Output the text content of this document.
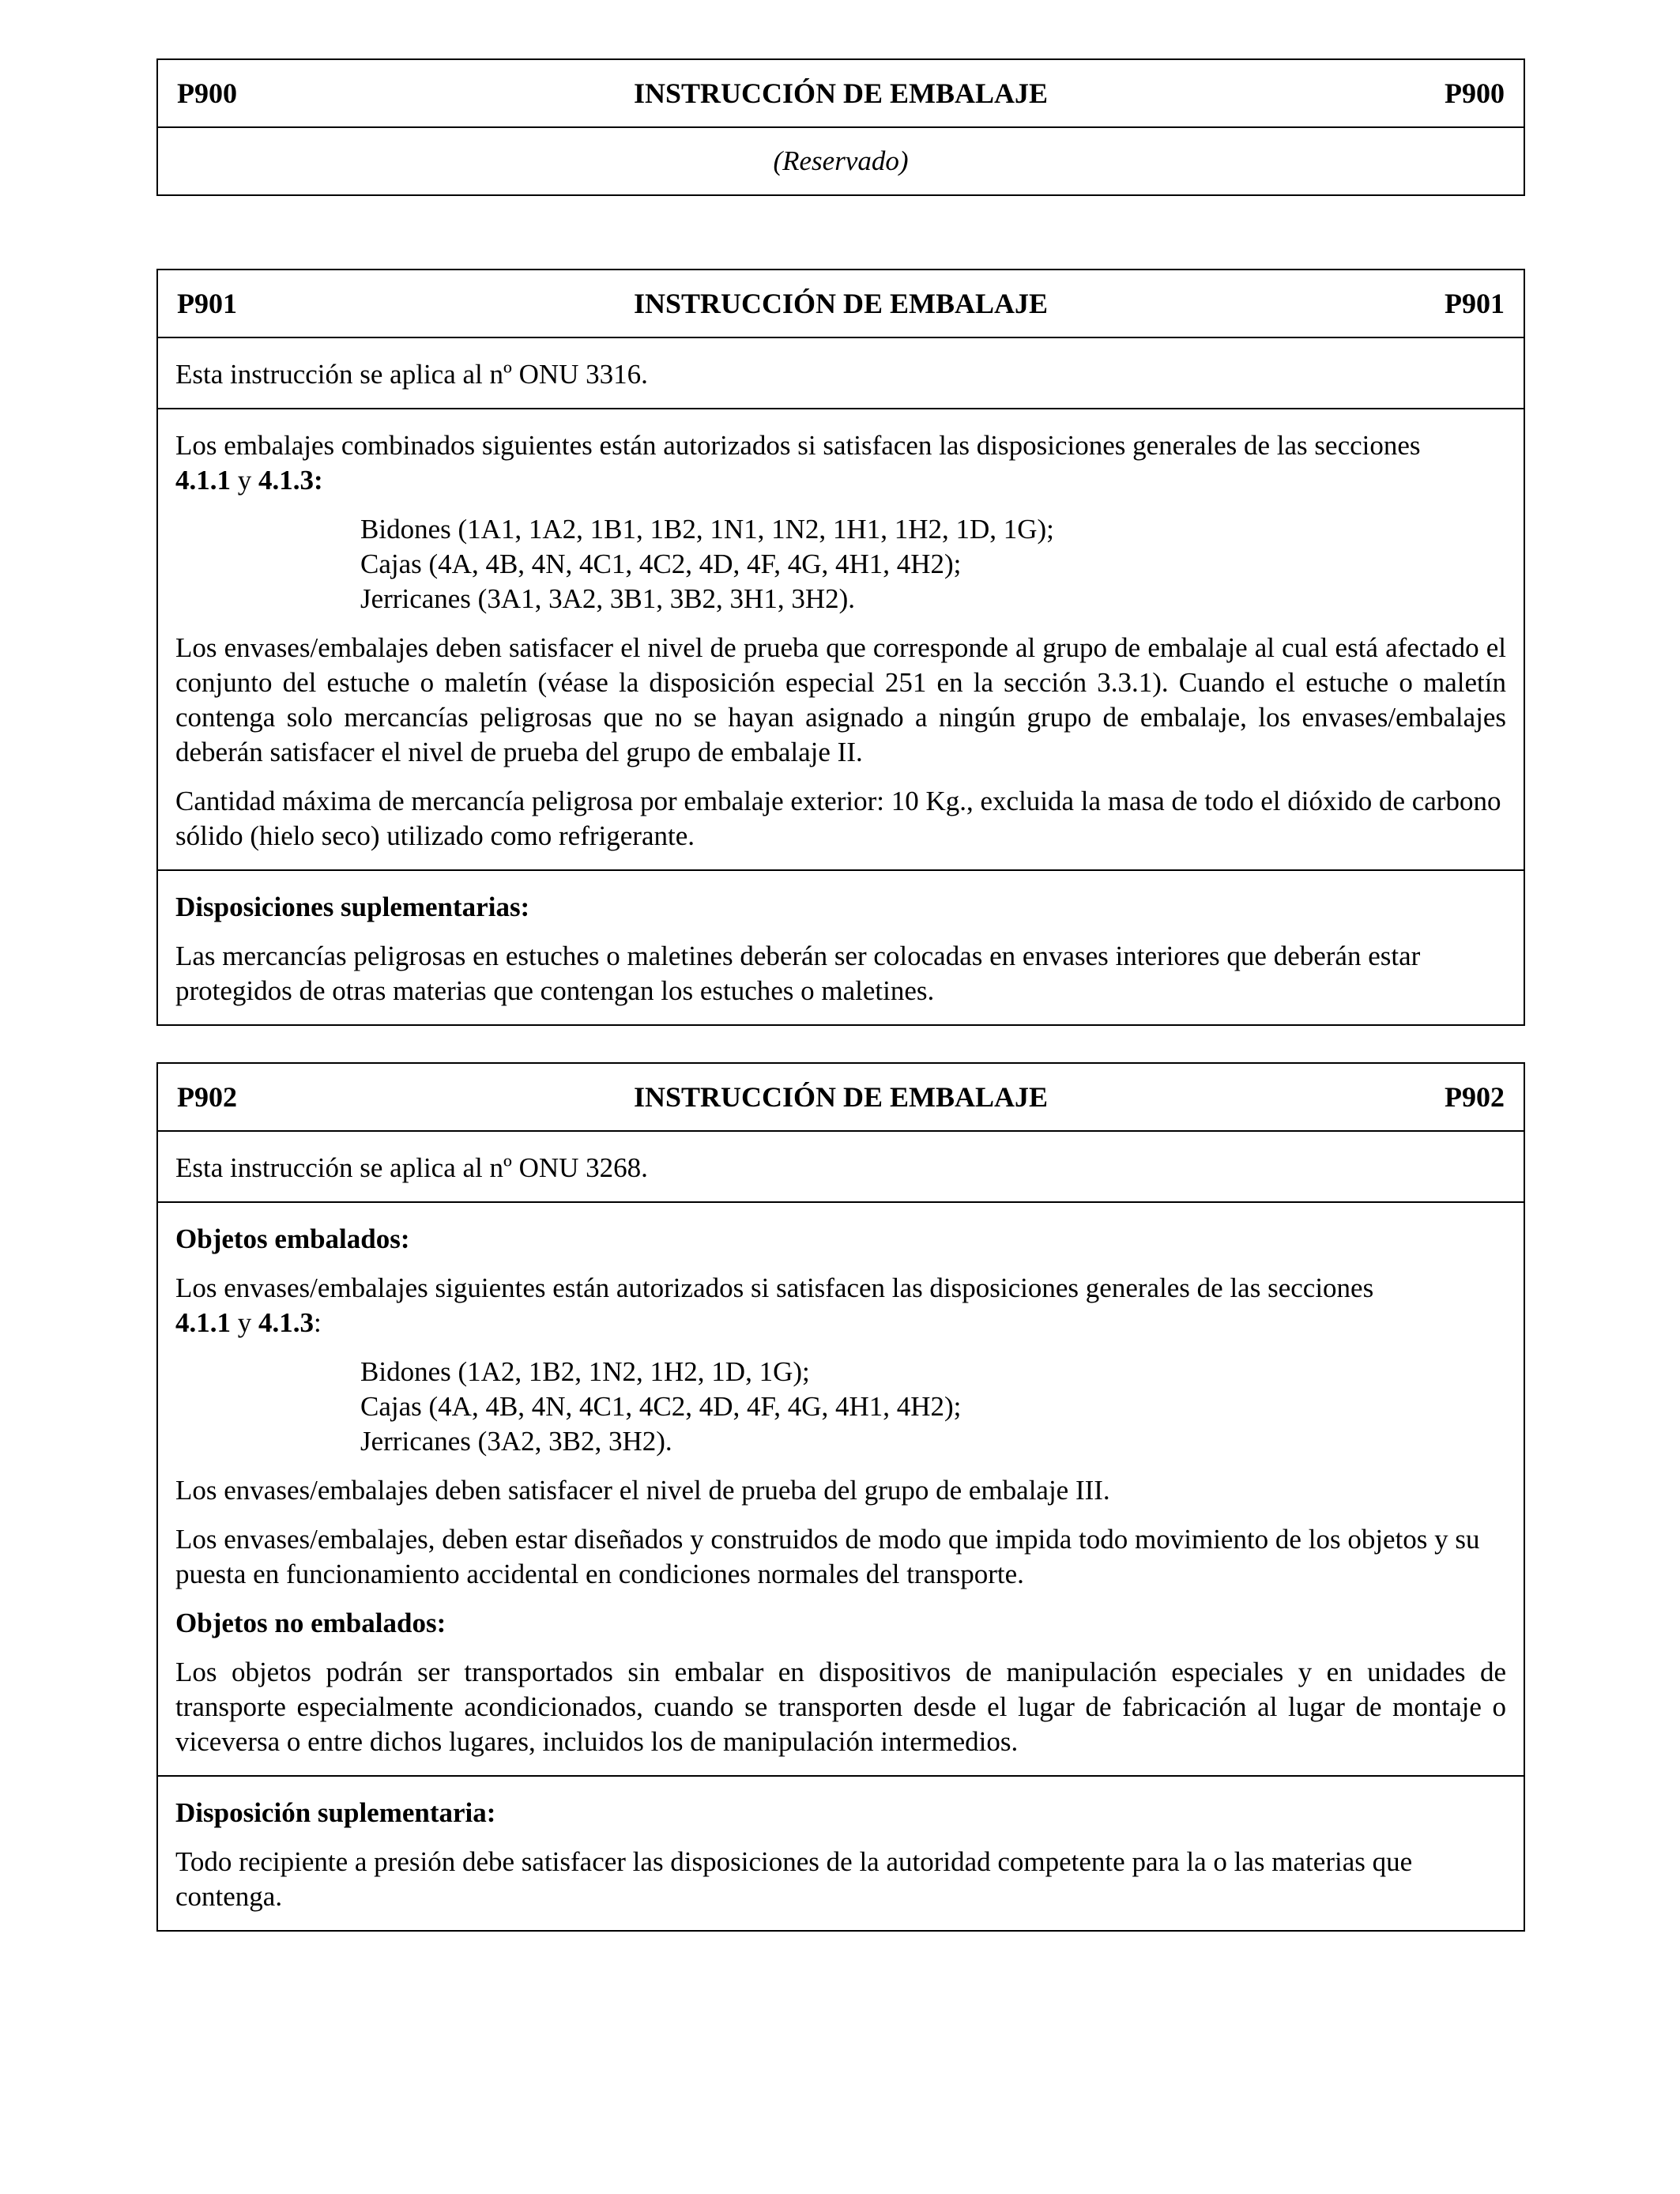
P900	INSTRUCCIÓN DE EMBALAJE	P900
(Reservado)
P901	INSTRUCCIÓN DE EMBALAJE	P901

Esta instrucción se aplica al nº ONU 3316.

Los embalajes combinados siguientes están autorizados si satisfacen las disposiciones generales de las secciones
4.1.1 y 4.1.3:

Bidones (1A1, 1A2, 1B1, 1B2, 1N1, 1N2, 1H1, 1H2, 1D, 1G);
Cajas (4A, 4B, 4N, 4C1, 4C2, 4D, 4F, 4G, 4H1, 4H2);
Jerricanes (3A1, 3A2, 3B1, 3B2, 3H1, 3H2).

Los envases/embalajes deben satisfacer el nivel de prueba que corresponde al grupo de embalaje al cual está afectado el conjunto del estuche o maletín (véase la disposición especial 251 en la sección 3.3.1). Cuando el estuche o maletín contenga solo mercancías peligrosas que no se hayan asignado a ningún grupo de embalaje, los envases/embalajes deberán satisfacer el nivel de prueba del grupo de embalaje II.

Cantidad máxima de mercancía peligrosa por embalaje exterior: 10 Kg., excluida la masa de todo el dióxido de carbono sólido (hielo seco) utilizado como refrigerante.

Disposiciones suplementarias:

Las mercancías peligrosas en estuches o maletines deberán ser colocadas en envases interiores que deberán estar protegidos de otras materias que contengan los estuches o maletines.

P902	INSTRUCCIÓN DE EMBALAJE	P902

Esta instrucción se aplica al nº ONU 3268.

Objetos embalados:

Los envases/embalajes siguientes están autorizados si satisfacen las disposiciones generales de las secciones
4.1.1 y 4.1.3:

Bidones (1A2, 1B2, 1N2, 1H2, 1D, 1G);
Cajas (4A, 4B, 4N, 4C1, 4C2, 4D, 4F, 4G, 4H1, 4H2);
Jerricanes (3A2, 3B2, 3H2).

Los envases/embalajes deben satisfacer el nivel de prueba del grupo de embalaje III.

Los envases/embalajes, deben estar diseñados y construidos de modo que impida todo movimiento de los objetos y su puesta en funcionamiento accidental en condiciones normales del transporte.

Objetos no embalados:

Los objetos podrán ser transportados sin embalar en dispositivos de manipulación especiales y en unidades de transporte especialmente acondicionados, cuando se transporten desde el lugar de fabricación al lugar de montaje o viceversa o entre dichos lugares, incluidos los de manipulación intermedios.

Disposición suplementaria:

Todo recipiente a presión debe satisfacer las disposiciones de la autoridad competente para la o las materias que contenga.
